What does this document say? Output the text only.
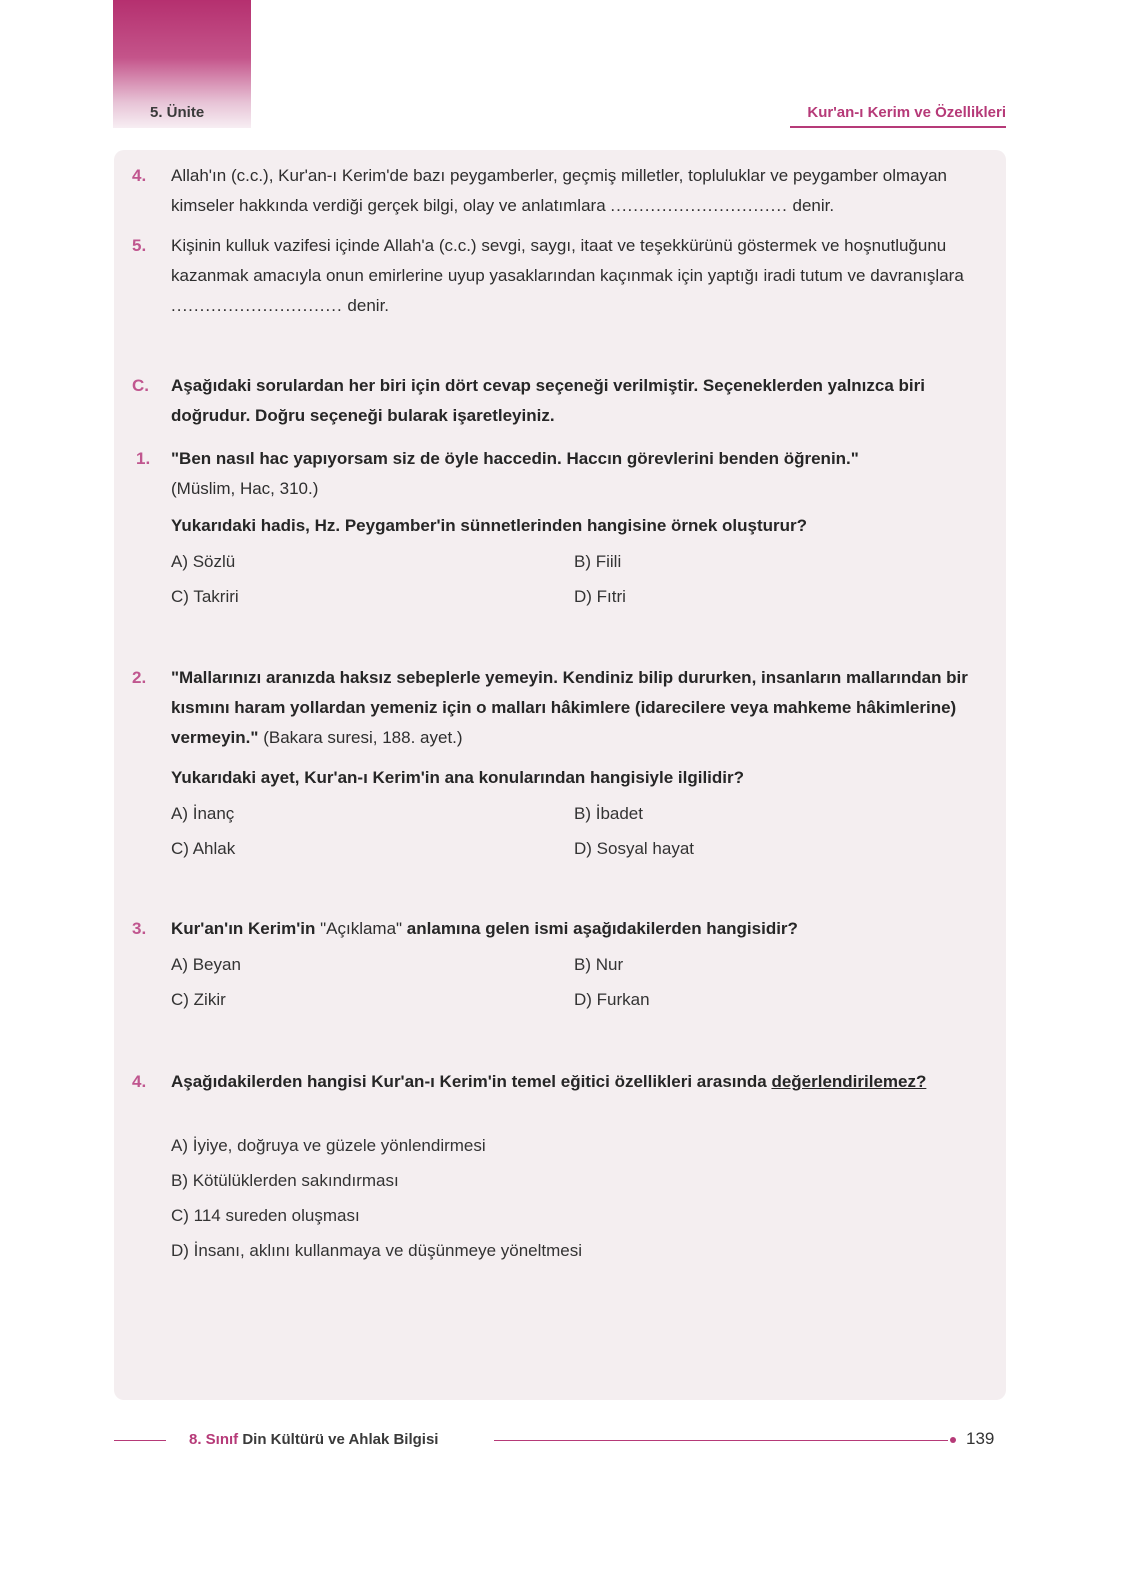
5. Ünite	Kur'an-ı Kerim ve Özellikleri
4. Allah'ın (c.c.), Kur'an-ı Kerim'de bazı peygamberler, geçmiş milletler, topluluklar ve peygamber olmayan kimseler hakkında verdiği gerçek bilgi, olay ve anlatımlara ............................... denir.
5. Kişinin kulluk vazifesi içinde Allah'a (c.c.) sevgi, saygı, itaat ve teşekkürünü göstermek ve hoşnutluğunu kazanmak amacıyla onun emirlerine uyup yasaklarından kaçınmak için yaptığı iradi tutum ve davranışlara .............................. denir.
C. Aşağıdaki sorulardan her biri için dört cevap seçeneği verilmiştir. Seçeneklerden yalnızca biri doğrudur. Doğru seçeneği bularak işaretleyiniz.
1. "Ben nasıl hac yapıyorsam siz de öyle haccedin. Haccın görevlerini benden öğrenin."
(Müslim, Hac, 310.)
Yukarıdaki hadis, Hz. Peygamber'in sünnetlerinden hangisine örnek oluşturur?
A) Sözlü	B) Fiili
C) Takriri	D) Fıtri
2. "Mallarınızı aranızda haksız sebeplerle yemeyin. Kendiniz bilip dururken, insanların mallarından bir kısmını haram yollardan yemeniz için o malları hâkimlere (idarecilere veya mahkeme hâkimlerine) vermeyin." (Bakara suresi, 188. ayet.)
Yukarıdaki ayet, Kur'an-ı Kerim'in ana konularından hangisiyle ilgilidir?
A) İnanç	B) İbadet
C) Ahlak	D) Sosyal hayat
3. Kur'an'ın Kerim'in "Açıklama" anlamına gelen ismi aşağıdakilerden hangisidir?
A) Beyan	B) Nur
C) Zikir	D) Furkan
4. Aşağıdakilerden hangisi Kur'an-ı Kerim'in temel eğitici özellikleri arasında değerlendirilemez?
A) İyiye, doğruya ve güzele yönlendirmesi
B) Kötülüklerden sakındırması
C) 114 sureden oluşması
D) İnsanı, aklını kullanmaya ve düşünmeye yöneltmesi
8. Sınıf Din Kültürü ve Ahlak Bilgisi	139
